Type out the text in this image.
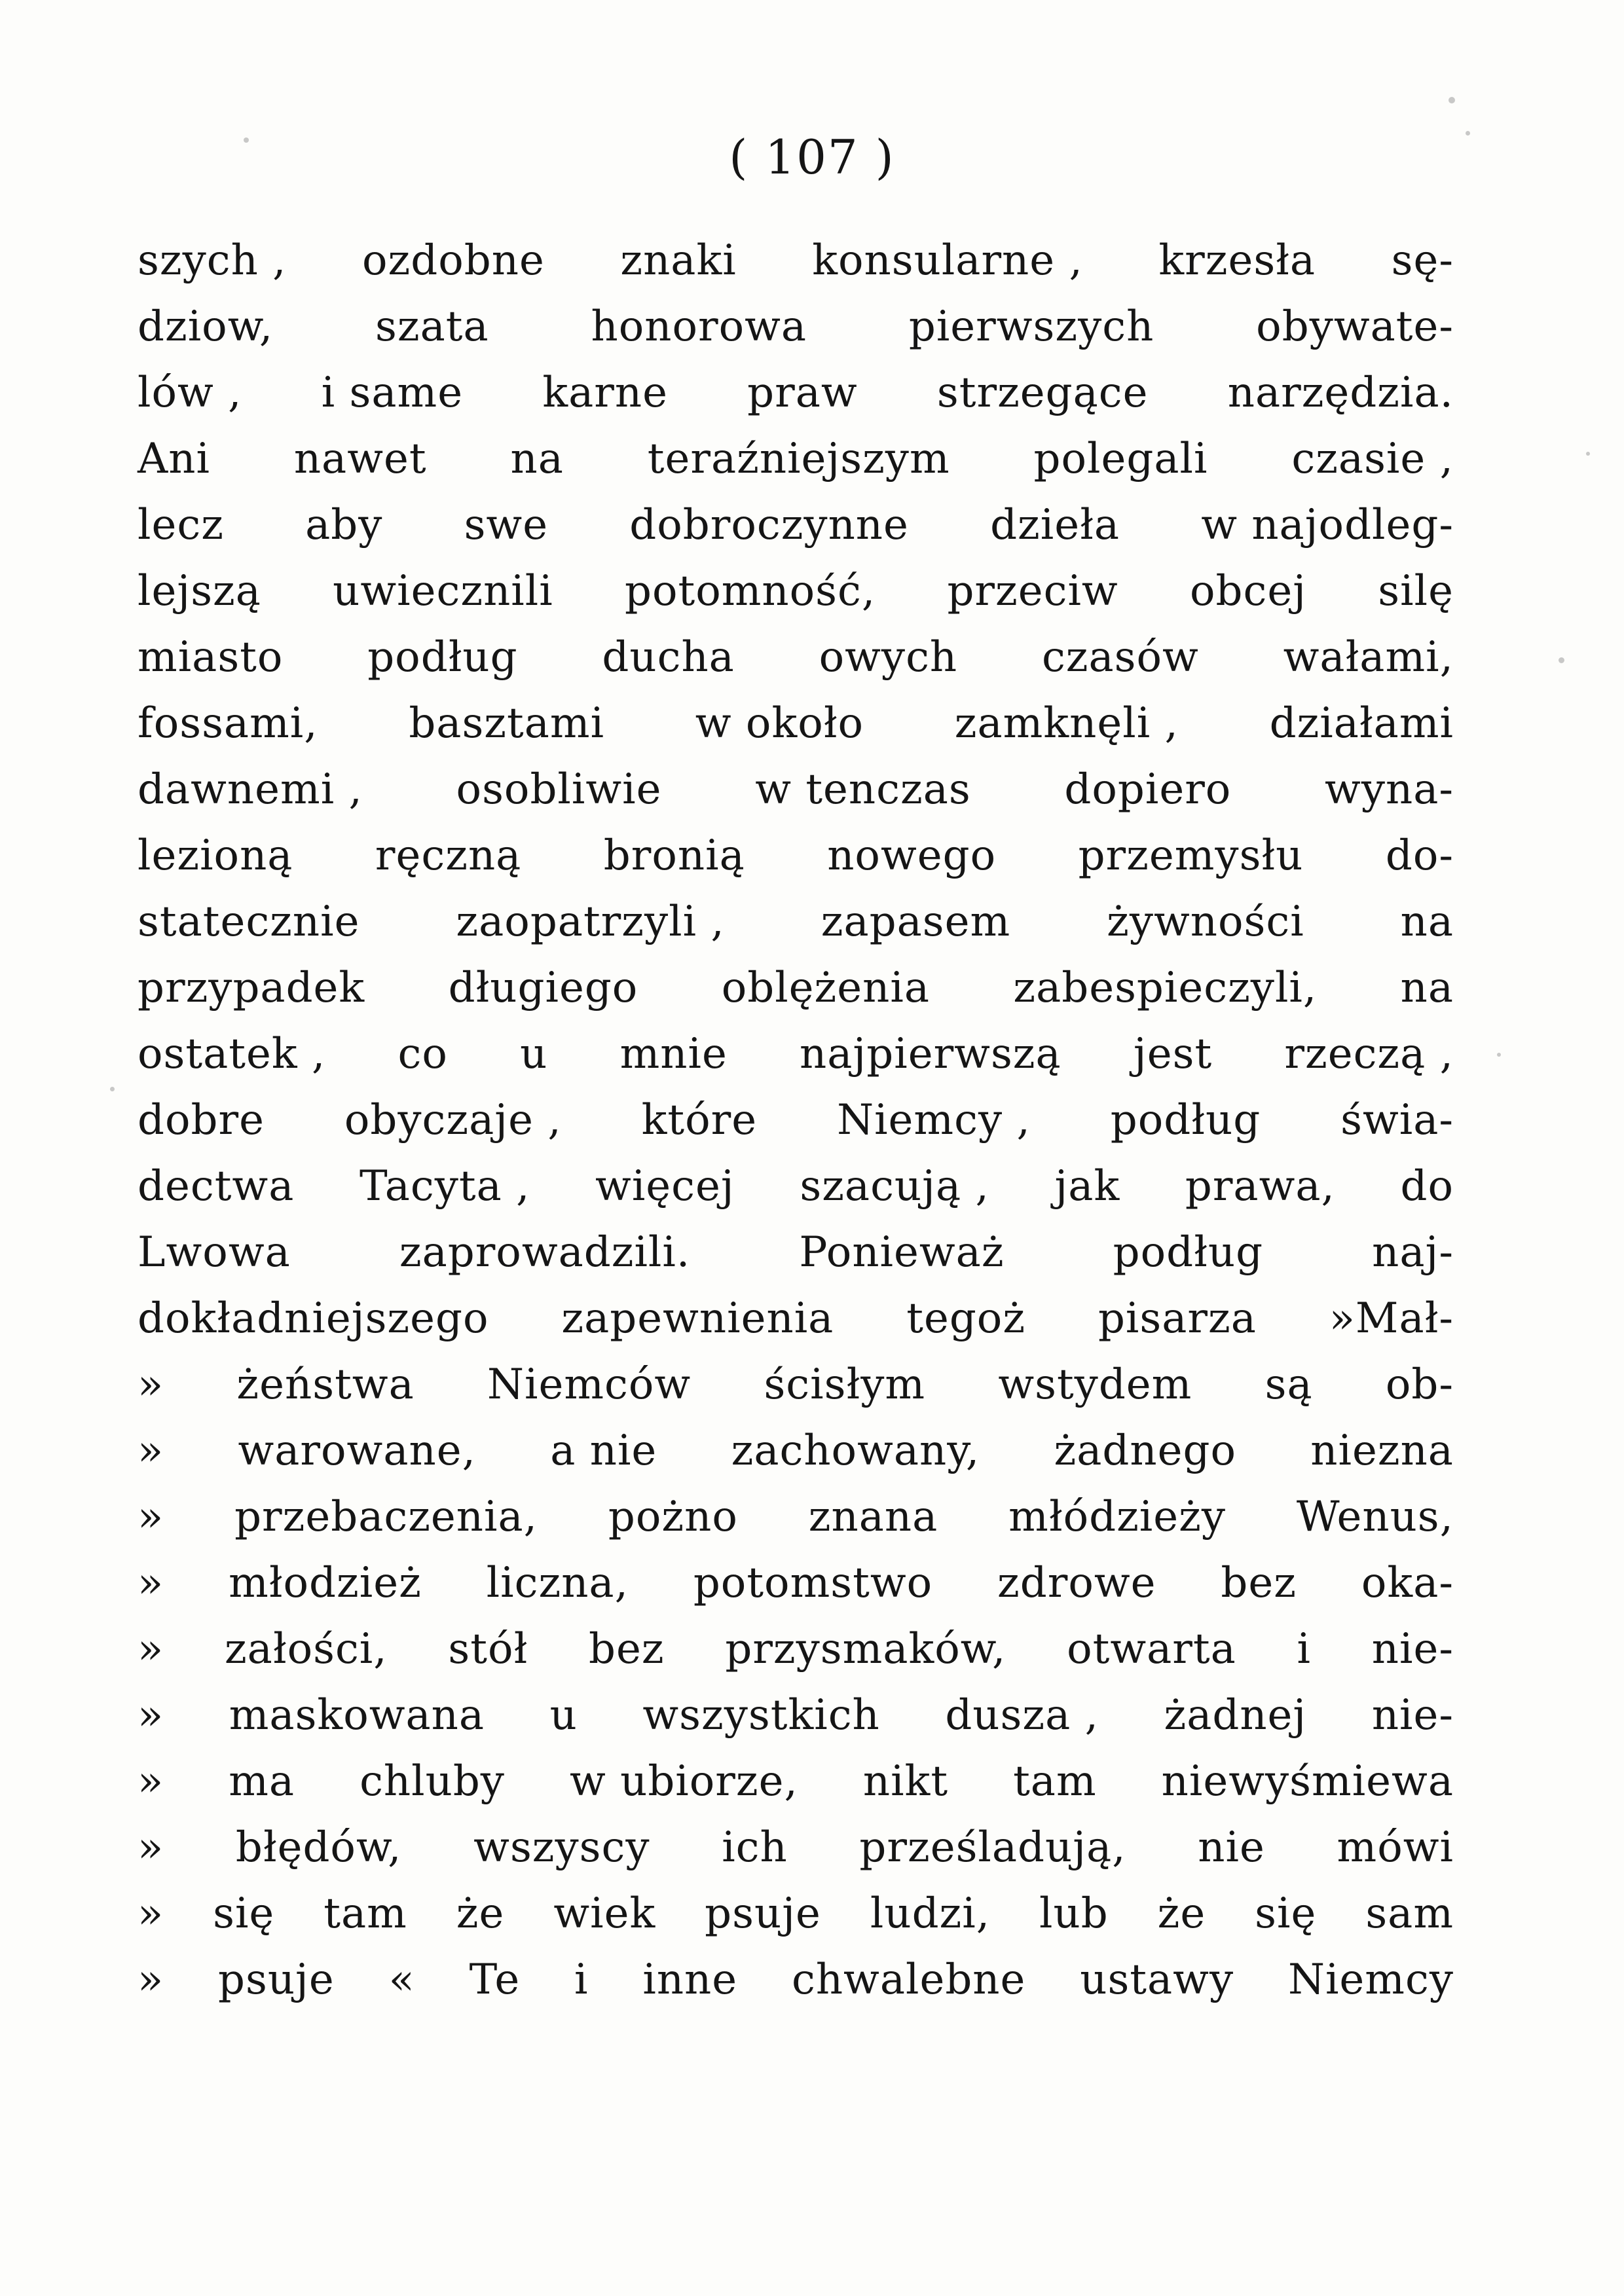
( 107 )
szych , ozdobne znaki konsularne , krzesła sę-
dziow, szata honorowa pierwszych obywate-
lów , i same karne praw strzegące narzędzia.
Ani nawet na teraźniejszym polegali czasie ,
lecz aby swe dobroczynne dzieła w najodleg-
lejszą uwiecznili potomność, przeciw obcej silę
miasto podług ducha owych czasów wałami,
fossami, basztami w około zamknęli , działami
dawnemi , osobliwie w tenczas dopiero wyna-
lezioną ręczną bronią nowego przemysłu do-
statecznie zaopatrzyli , zapasem żywności na
przypadek długiego oblężenia zabespieczyli, na
ostatek , co u mnie najpierwszą jest rzeczą ,
dobre obyczaje , które Niemcy , podług świa-
dectwa Tacyta , więcej szacują , jak prawa, do
Lwowa	zaprowadzili.	Ponieważ	podług	naj-
dokładniejszego zapewnienia tegoż pisarza »Mał-
» żeństwa Niemców ścisłym wstydem są ob-
» warowane, a nie zachowany, żadnego niezna
» przebaczenia, pożno znana młódzieży Wenus,
» młodzież liczna, potomstwo zdrowe bez oka-
» załości, stół bez przysmaków, otwarta i nie-
» maskowana u wszystkich dusza , żadnej nie-
» ma chluby w ubiorze, nikt tam niewyśmiewa
» błędów, wszyscy ich prześladują, nie mówi
» się tam że wiek psuje ludzi, lub że się sam
» psuje « Te i inne chwalebne ustawy Niemcy
